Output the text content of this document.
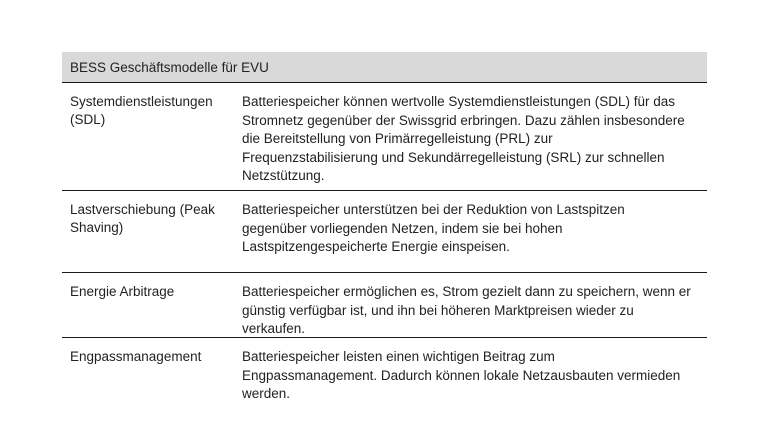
BESS Geschäftsmodelle für EVU
Systemdienstleistungen (SDL)
Batteriespeicher können wertvolle Systemdienstleistungen (SDL) für das Stromnetz gegenüber der Swissgrid erbringen. Dazu zählen insbesondere die Bereitstellung von Primärregelleistung (PRL) zur Frequenzstabilisierung und Sekundärregelleistung (SRL) zur schnellen Netzstützung.
Lastverschiebung (Peak Shaving)
Batteriespeicher unterstützen bei der Reduktion von Lastspitzen gegenüber vorliegenden Netzen, indem sie bei hohen Lastspitzengespeicherte Energie einspeisen.
Energie Arbitrage	Batteriespeicher ermöglichen es, Strom gezielt dann zu speichern, wenn er günstig verfügbar ist, und ihn bei höheren Marktpreisen wieder zu verkaufen.
Engpassmanagement	Batteriespeicher leisten einen wichtigen Beitrag zum Engpassmanagement. Dadurch können lokale Netzausbauten vermieden werden.
